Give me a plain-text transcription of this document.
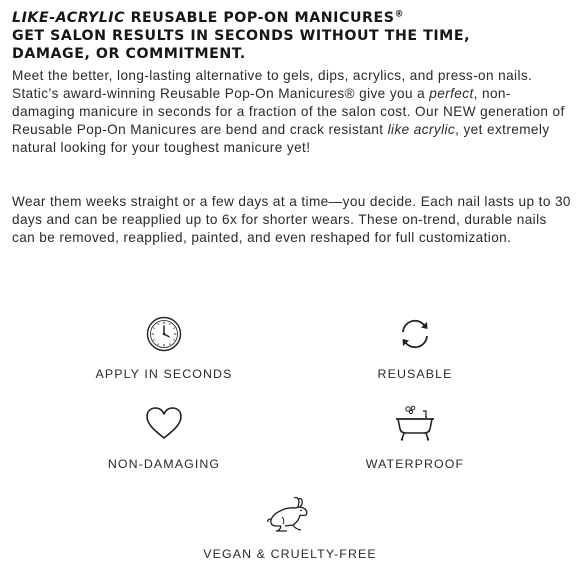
LIKE-ACRYLIC REUSABLE POP-ON MANICURES®
GET SALON RESULTS IN SECONDS WITHOUT THE TIME,
DAMAGE, OR COMMITMENT.

Meet the better, long-lasting alternative to gels, dips, acrylics, and press-on nails. Static’s award-winning Reusable Pop-On Manicures® give you a perfect, non-damaging manicure in seconds for a fraction of the salon cost. Our NEW generation of Reusable Pop-On Manicures are bend and crack resistant like acrylic, yet extremely natural looking for your toughest manicure yet!

Wear them weeks straight or a few days at a time—you decide. Each nail lasts up to 30 days and can be reapplied up to 6x for shorter wears. These on-trend, durable nails can be removed, reapplied, painted, and even reshaped for full customization.

APPLY IN SECONDS	REUSABLE
NON-DAMAGING	WATERPROOF
VEGAN & CRUELTY-FREE
